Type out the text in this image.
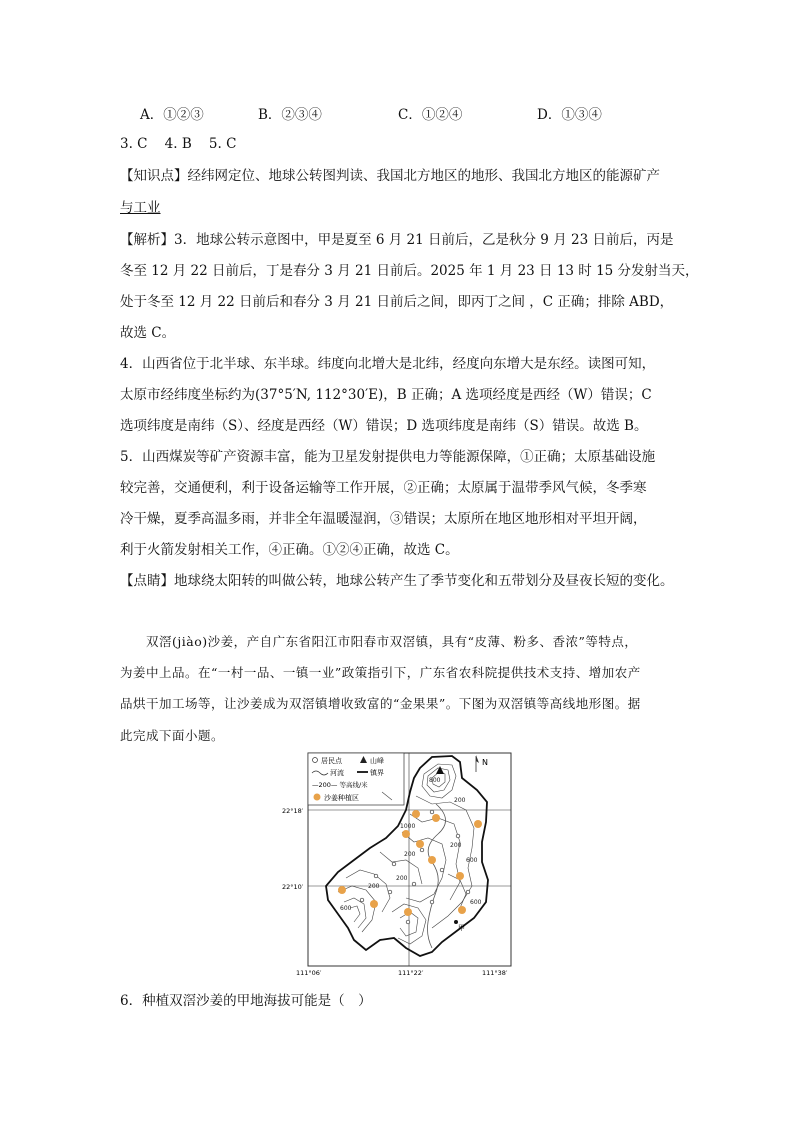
A．①②③	B．②③④	C．①②④	D．①③④
3. C    4. B    5. C
【知识点】经纬网定位、地球公转图判读、我国北方地区的地形、我国北方地区的能源矿产
与工业
【解析】3．地球公转示意图中，甲是夏至 6 月 21 日前后，乙是秋分 9 月 23 日前后，丙是
冬至 12 月 22 日前后，丁是春分 3 月 21 日前后。2025 年 1 月 23 日 13 时 15 分发射当天，
处于冬至 12 月 22 日前后和春分 3 月 21 日前后之间，即丙丁之间 ，C 正确；排除 ABD，
故选 C。
4．山西省位于北半球、东半球。纬度向北增大是北纬，经度向东增大是东经。读图可知，
太原市经纬度坐标约为(37°5′N, 112°30′E)，B 正确；A 选项经度是西经（W）错误；C
选项纬度是南纬（S）、经度是西经（W）错误；D 选项纬度是南纬（S）错误。故选 B。
5．山西煤炭等矿产资源丰富，能为卫星发射提供电力等能源保障，①正确；太原基础设施
较完善，交通便利，利于设备运输等工作开展，②正确；太原属于温带季风气候，冬季寒
冷干燥，夏季高温多雨，并非全年温暖湿润，③错误；太原所在地区地形相对平坦开阔，
利于火箭发射相关工作，④正确。①②④正确，故选 C。
【点睛】地球绕太阳转的叫做公转，地球公转产生了季节变化和五带划分及昼夜长短的变化。
双滘(jiào)沙姜，产自广东省阳江市阳春市双滘镇，具有“皮薄、粉多、香浓”等特点，
为姜中上品。在“一村一品、一镇一业”政策指引下，广东省农科院提供技术支持、增加农产
品烘干加工场等，让沙姜成为双滘镇增收致富的“金果果”。下图为双滘镇等高线地形图。据
此完成下面小题。
居民点	山峰
河流	镇界
—200— 等高线/米
沙姜种植区
N
800
200
1000
200
200
200
600
200
600
600
甲
22°18′
22°10′
111°06′	111°22′	111°38′
6．种植双滘沙姜的甲地海拔可能是（　）
